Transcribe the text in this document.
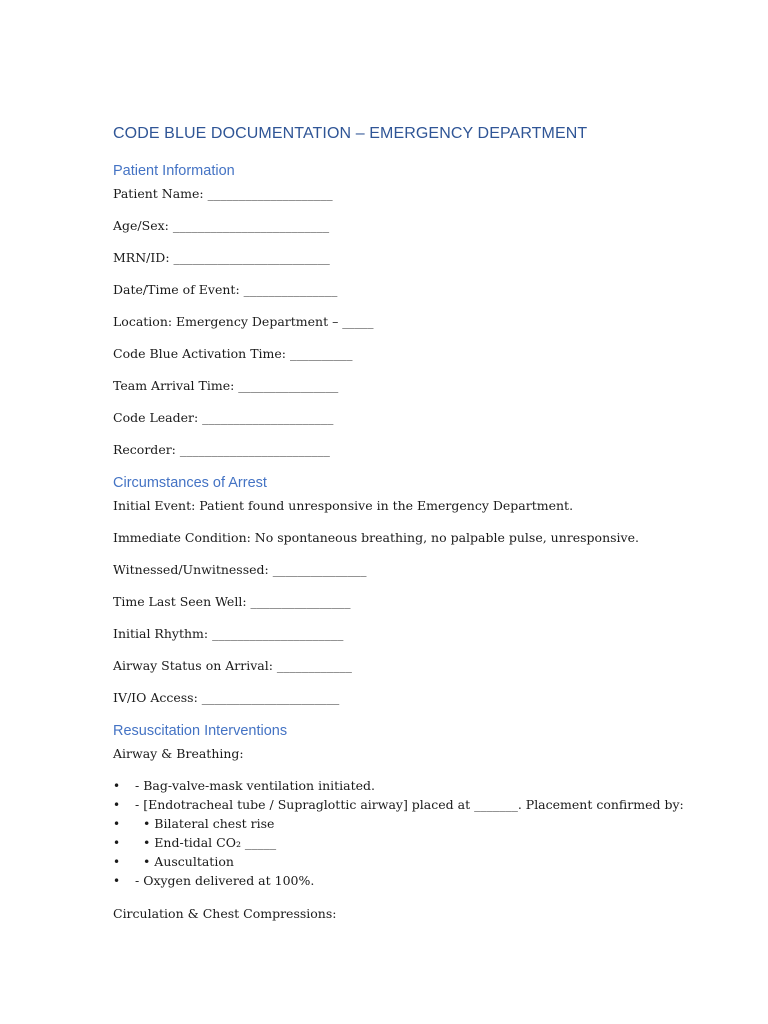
CODE BLUE DOCUMENTATION – EMERGENCY DEPARTMENT
Patient Information

Patient Name: ____________________

Age/Sex: _________________________

MRN/ID: _________________________

Date/Time of Event: _______________

Location: Emergency Department – _____

Code Blue Activation Time: __________

Team Arrival Time: ________________

Code Leader: _____________________

Recorder: ________________________

Circumstances of Arrest

Initial Event: Patient found unresponsive in the Emergency Department.

Immediate Condition: No spontaneous breathing, no palpable pulse, unresponsive.

Witnessed/Unwitnessed: _______________

Time Last Seen Well: ________________

Initial Rhythm: _____________________

Airway Status on Arrival: ____________

IV/IO Access: ______________________

Resuscitation Interventions

Airway & Breathing:

• - Bag-valve-mask ventilation initiated.
• - [Endotracheal tube / Supraglottic airway] placed at _______. Placement confirmed by:
• • Bilateral chest rise
• • End-tidal CO₂ _____
• • Auscultation
• - Oxygen delivered at 100%.

Circulation & Chest Compressions:
